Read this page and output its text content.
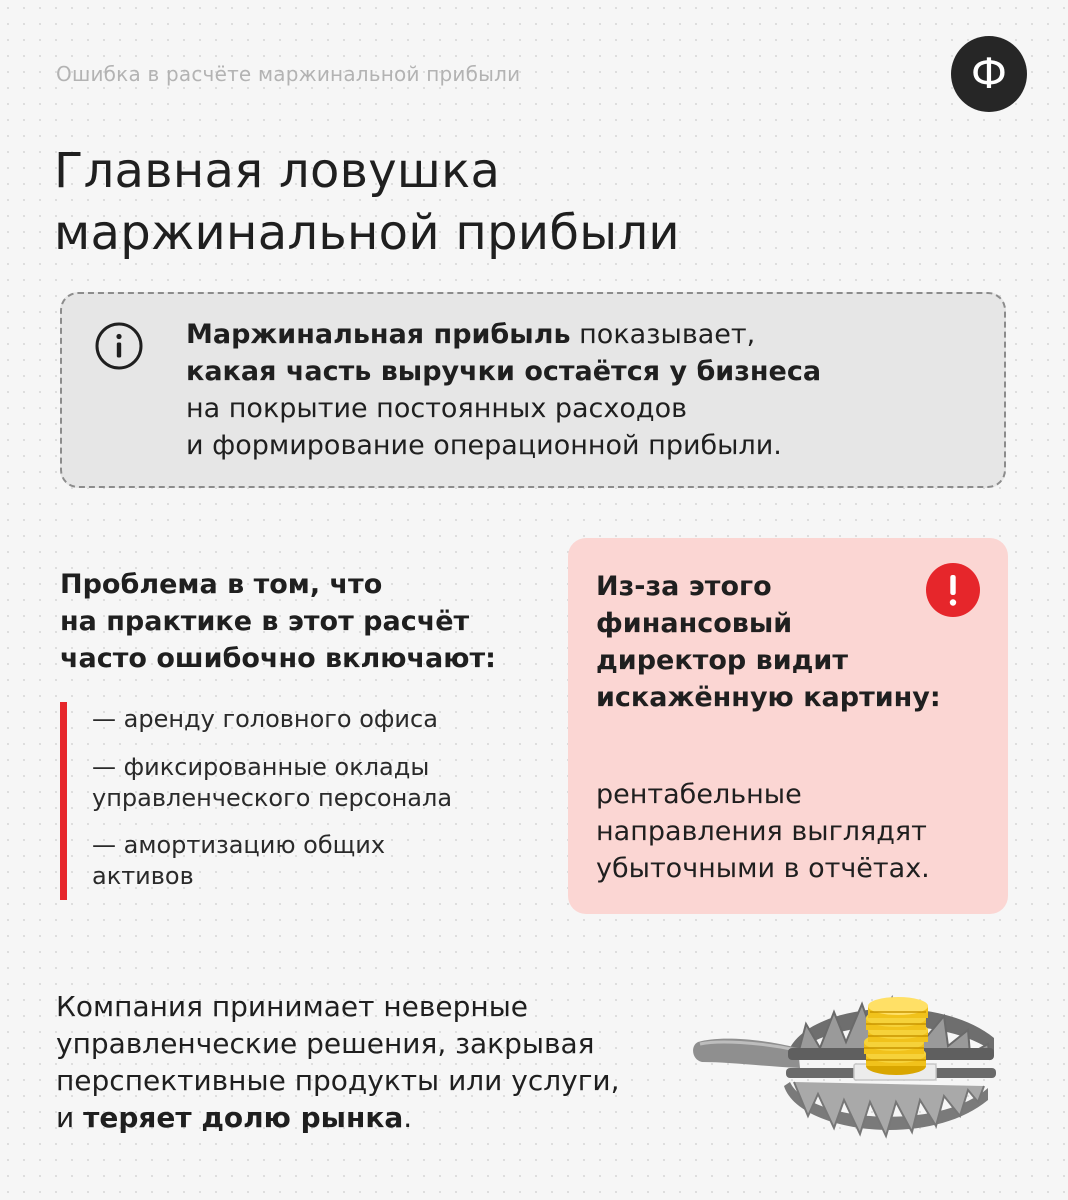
Ошибка в расчёте маржинальной прибыли	Ф
Главная ловушка
маржинальной прибыли
Маржинальная прибыль показывает,
какая часть выручки остаётся у бизнеса
на покрытие постоянных расходов
и формирование операционной прибыли.
Проблема в том, что
на практике в этот расчёт
часто ошибочно включают:
— аренду головного офиса
— фиксированные оклады
управленческого персонала
— амортизацию общих
активов
Из-за этого
финансовый
директор видит
искажённую картину:
рентабельные
направления выглядят
убыточными в отчётах.
Компания принимает неверные
управленческие решения, закрывая
перспективные продукты или услуги,
и теряет долю рынка.
